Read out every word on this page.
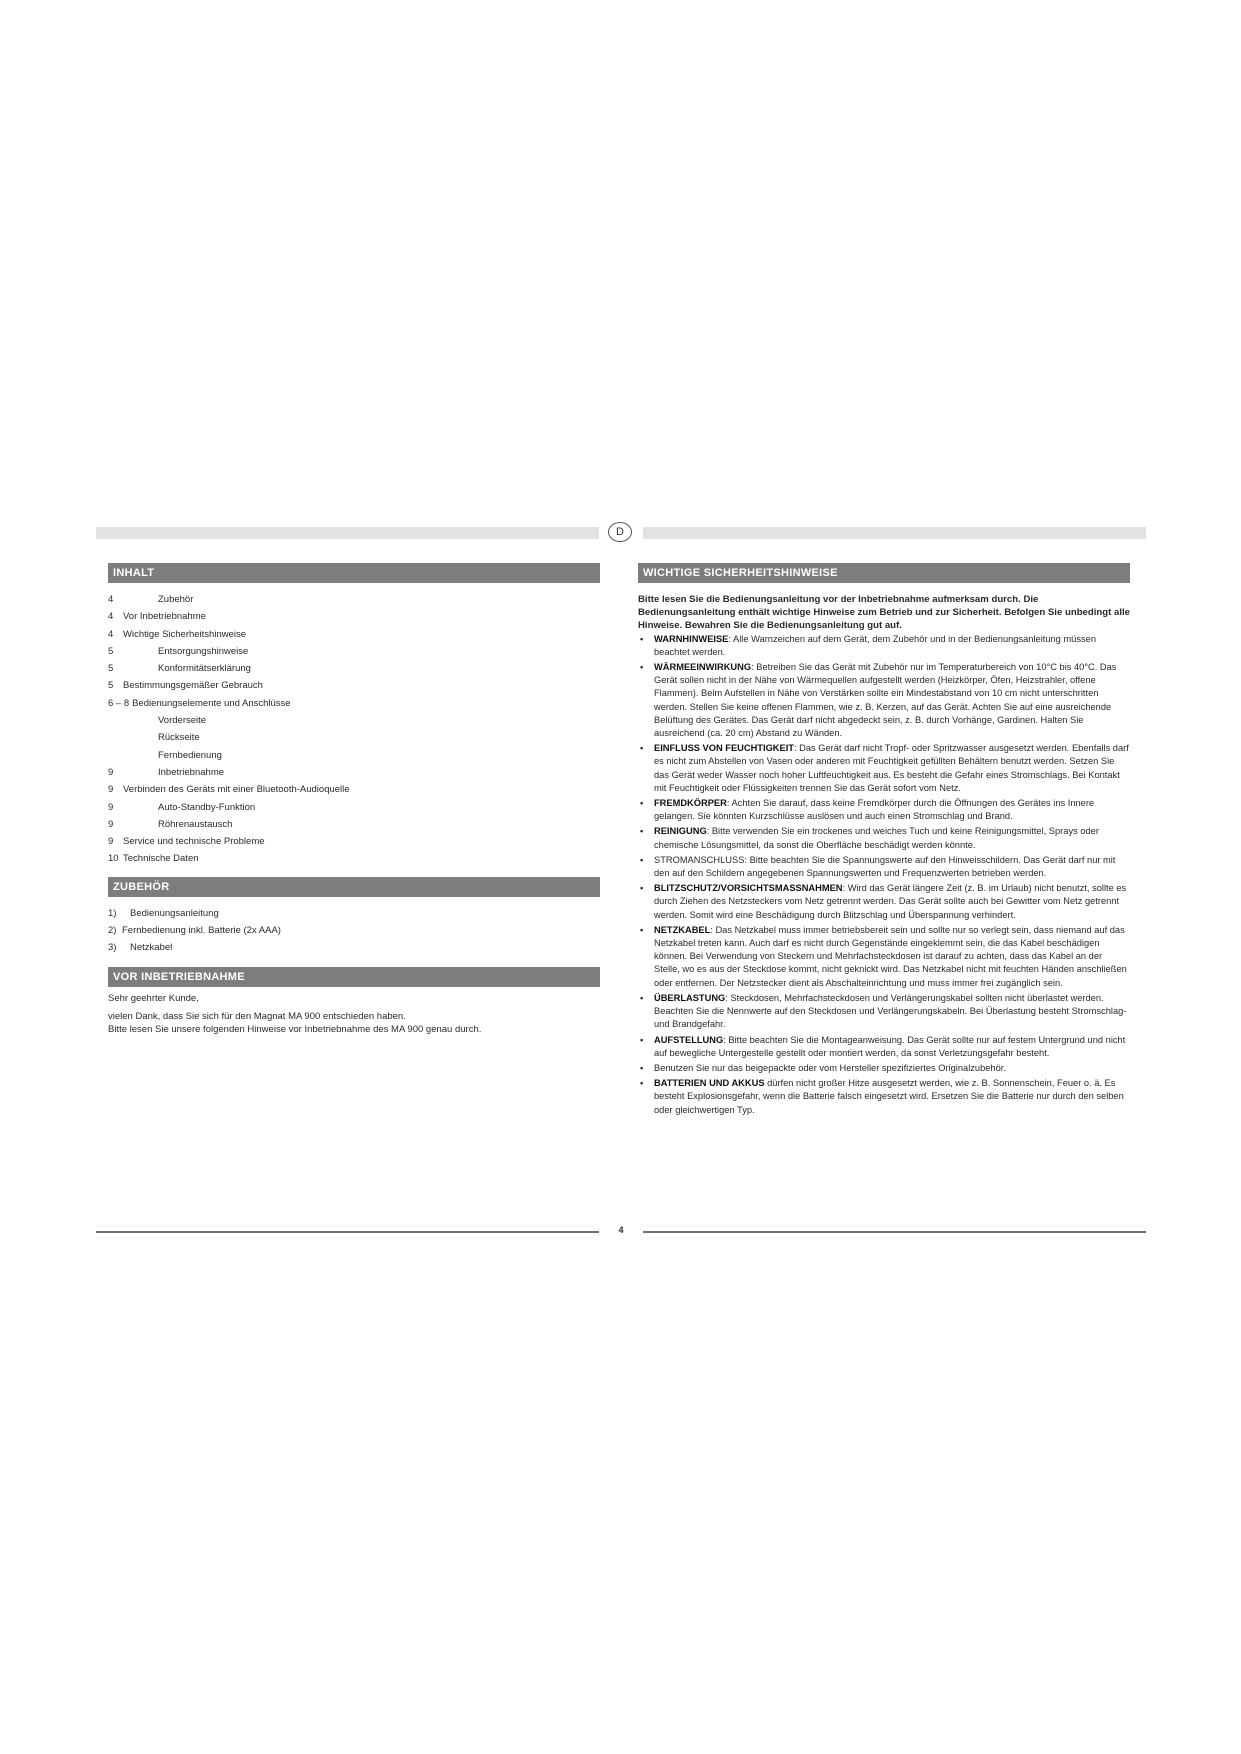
D
INHALT
4	Zubehör
4 Vor Inbetriebnahme
4 Wichtige Sicherheitshinweise
5	Entsorgungshinweise
5	Konformitätserklärung
5 Bestimmungsgemäßer Gebrauch
6 – 8 Bedienungselemente und Anschlüsse
Vorderseite
Rückseite
Fernbedienung
9	Inbetriebnahme
9 Verbinden des Geräts mit einer Bluetooth-Audioquelle
9	Auto-Standby-Funktion
9	Röhrenaustausch
9 Service und technische Probleme
10 Technische Daten
ZUBEHÖR
1) Bedienungsanleitung
2) Fernbedienung inkl. Batterie (2x AAA)
3) Netzkabel
VOR INBETRIEBNAHME

Sehr geehrter Kunde,

vielen Dank, dass Sie sich für den Magnat MA 900 entschieden haben.

Bitte lesen Sie unsere folgenden Hinweise vor Inbetriebnahme des MA 900 genau durch.

WICHTIGE SICHERHEITSHINWEISE

Bitte lesen Sie die Bedienungsanleitung vor der Inbetriebnahme aufmerksam durch. Die Bedienungsanleitung enthält wichtige Hinweise zum Betrieb und zur Sicherheit. Befolgen Sie unbedingt alle Hinweise. Bewahren Sie die Bedienungsanleitung gut auf.

• WARNHINWEISE: Alle Warnzeichen auf dem Gerät, dem Zubehör und in der Bedienungsanleitung müssen beachtet werden.
• WÄRMEEINWIRKUNG: Betreiben Sie das Gerät mit Zubehör nur im Temperaturbereich von 10°C bis 40°C. Das Gerät sollen nicht in der Nähe von Wärmequellen aufgestellt werden (Heizkörper, Öfen, Heizstrahler, offene Flammen). Beim Aufstellen in Nähe von Verstärken sollte ein Mindestabstand von 10 cm nicht unterschritten werden. Stellen Sie keine offenen Flammen, wie z. B. Kerzen, auf das Gerät. Achten Sie auf eine ausreichende Belüftung des Gerätes. Das Gerät darf nicht abgedeckt sein, z. B. durch Vorhänge, Gardinen. Halten Sie ausreichend (ca. 20 cm) Abstand zu Wänden.
• EINFLUSS VON FEUCHTIGKEIT: Das Gerät darf nicht Tropf- oder Spritzwasser ausgesetzt werden. Ebenfalls darf es nicht zum Abstellen von Vasen oder anderen mit Feuchtigkeit gefüllten Behältern benutzt werden. Setzen Sie das Gerät weder Wasser noch hoher Luftfeuchtigkeit aus. Es besteht die Gefahr eines Stromschlags. Bei Kontakt mit Feuchtigkeit oder Flüssigkeiten trennen Sie das Gerät sofort vom Netz.
• FREMDKÖRPER: Achten Sie darauf, dass keine Fremdkörper durch die Öffnungen des Gerätes ins Innere gelangen. Sie könnten Kurzschlüsse auslösen und auch einen Stromschlag und Brand.
• REINIGUNG: Bitte verwenden Sie ein trockenes und weiches Tuch und keine Reinigungsmittel, Sprays oder chemische Lösungsmittel, da sonst die Oberfläche beschädigt werden könnte.
• STROMANSCHLUSS: Bitte beachten Sie die Spannungswerte auf den Hinweisschildern. Das Gerät darf nur mit den auf den Schildern angegebenen Spannungswerten und Frequenzwerten betrieben werden.
• BLITZSCHUTZ/VORSICHTSMASSNAHMEN: Wird das Gerät längere Zeit (z. B. im Urlaub) nicht benutzt, sollte es durch Ziehen des Netzsteckers vom Netz getrennt werden. Das Gerät sollte auch bei Gewitter vom Netz getrennt werden. Somit wird eine Beschädigung durch Blitzschlag und Überspannung verhindert.
• NETZKABEL: Das Netzkabel muss immer betriebsbereit sein und sollte nur so verlegt sein, dass niemand auf das Netzkabel treten kann. Auch darf es nicht durch Gegenstände eingeklemmt sein, die das Kabel beschädigen können. Bei Verwendung von Steckern und Mehrfachsteckdosen ist darauf zu achten, dass das Kabel an der Stelle, wo es aus der Steckdose kommt, nicht geknickt wird. Das Netzkabel nicht mit feuchten Händen anschließen oder entfernen. Der Netzstecker dient als Abschalteinrichtung und muss immer frei zugänglich sein.
• ÜBERLASTUNG: Steckdosen, Mehrfachsteckdosen und Verlängerungskabel sollten nicht überlastet werden. Beachten Sie die Nennwerte auf den Steckdosen und Verlängerungskabeln. Bei Überlastung besteht Stromschlag- und Brandgefahr.
• AUFSTELLUNG: Bitte beachten Sie die Montageanweisung. Das Gerät sollte nur auf festem Untergrund und nicht auf bewegliche Untergestelle gestellt oder montiert werden, da sonst Verletzungsgefahr besteht.
• Benutzen Sie nur das beigepackte oder vom Hersteller spezifiziertes Originalzubehör.
• BATTERIEN UND AKKUS dürfen nicht großer Hitze ausgesetzt werden, wie z. B. Sonnenschein, Feuer o. ä. Es besteht Explosionsgefahr, wenn die Batterie falsch eingesetzt wird. Ersetzen Sie die Batterie nur durch den selben oder gleichwertigen Typ.
4
